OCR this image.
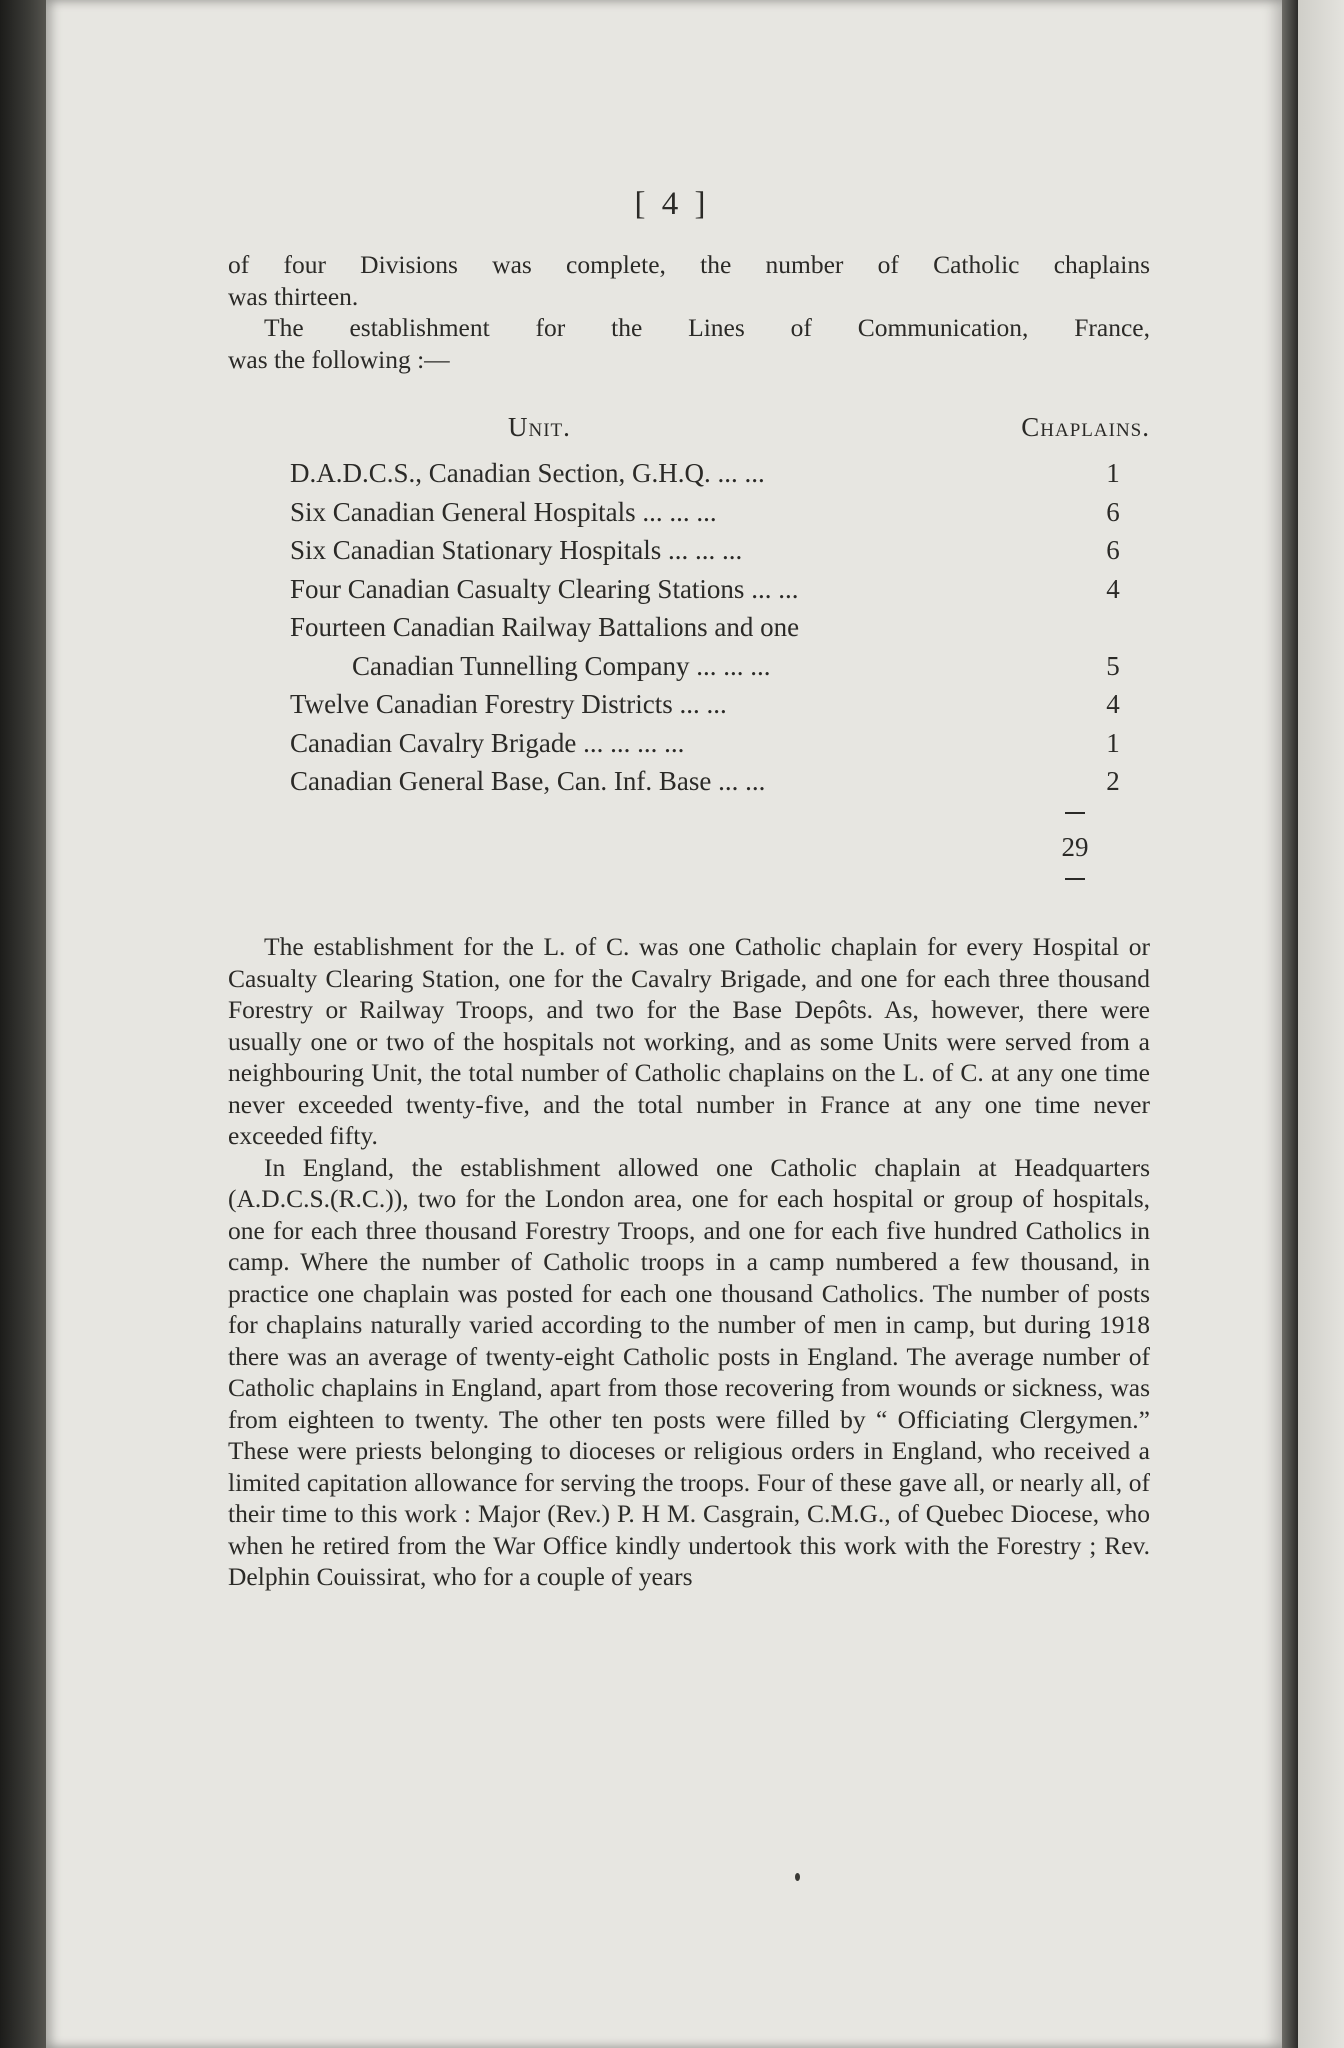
[ 4 ]

of four Divisions was complete, the number of Catholic chaplains

was thirteen.

The establishment for the Lines of Communication, France,

was the following :—

Unit.	Chaplains.
D.A.D.C.S., Canadian Section, G.H.Q. ... ...	1
Six Canadian General Hospitals ... ... ...	6
Six Canadian Stationary Hospitals ... ... ...	6
Four Canadian Casualty Clearing Stations ... ...	4
Fourteen Canadian Railway Battalions and one
Canadian Tunnelling Company ... ... ...	5
Twelve Canadian Forestry Districts ... ...	4
Canadian Cavalry Brigade ... ... ... ...	1
Canadian General Base, Can. Inf. Base ... ...	2
29

The establishment for the L. of C. was one Catholic chaplain for every Hospital or Casualty Clearing Station, one for the Cavalry Brigade, and one for each three thousand Forestry or Railway Troops, and two for the Base Depôts. As, however, there were usually one or two of the hospitals not working, and as some Units were served from a neighbouring Unit, the total number of Catholic chaplains on the L. of C. at any one time never exceeded twenty-five, and the total number in France at any one time never exceeded fifty.

In England, the establishment allowed one Catholic chaplain at Headquarters (A.D.C.S.(R.C.)), two for the London area, one for each hospital or group of hospitals, one for each three thousand Forestry Troops, and one for each five hundred Catholics in camp. Where the number of Catholic troops in a camp numbered a few thousand, in practice one chaplain was posted for each one thousand Catholics. The number of posts for chaplains naturally varied according to the number of men in camp, but during 1918 there was an average of twenty-eight Catholic posts in England. The average number of Catholic chaplains in England, apart from those recovering from wounds or sickness, was from eighteen to twenty. The other ten posts were filled by “ Officiating Clergymen.” These were priests belonging to dioceses or religious orders in England, who received a limited capitation allowance for serving the troops. Four of these gave all, or nearly all, of their time to this work : Major (Rev.) P. H M. Casgrain, C.M.G., of Quebec Diocese, who when he retired from the War Office kindly undertook this work with the Forestry ; Rev. Delphin Couissirat, who for a couple of years
